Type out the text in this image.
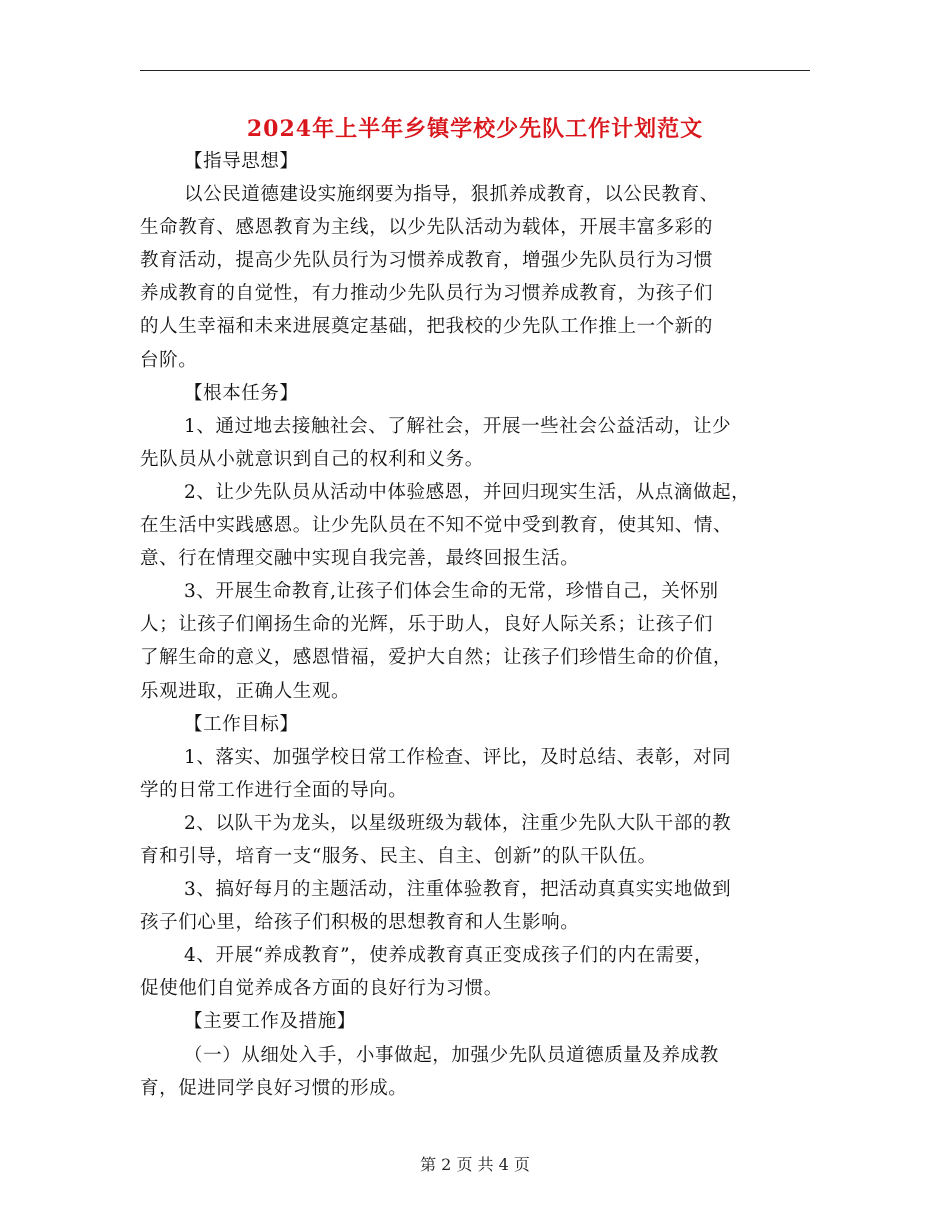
2024年上半年乡镇学校少先队工作计划范文
【指导思想】
以公民道德建设实施纲要为指导，狠抓养成教育，以公民教育、
生命教育、感恩教育为主线，以少先队活动为载体，开展丰富多彩的
教育活动，提高少先队员行为习惯养成教育，增强少先队员行为习惯
养成教育的自觉性，有力推动少先队员行为习惯养成教育，为孩子们
的人生幸福和未来进展奠定基础，把我校的少先队工作推上一个新的
台阶。
【根本任务】
1、通过地去接触社会、了解社会，开展一些社会公益活动，让少
先队员从小就意识到自己的权利和义务。
2、让少先队员从活动中体验感恩，并回归现实生活，从点滴做起，
在生活中实践感恩。让少先队员在不知不觉中受到教育，使其知、情、
意、行在情理交融中实现自我完善，最终回报生活。
3、开展生命教育,让孩子们体会生命的无常，珍惜自己，关怀别
人；让孩子们阐扬生命的光辉，乐于助人，良好人际关系；让孩子们
了解生命的意义，感恩惜福，爱护大自然；让孩子们珍惜生命的价值，
乐观进取，正确人生观。
【工作目标】
1、落实、加强学校日常工作检查、评比，及时总结、表彰，对同
学的日常工作进行全面的导向。
2、以队干为龙头，以星级班级为载体，注重少先队大队干部的教
育和引导，培育一支“服务、民主、自主、创新”的队干队伍。
3、搞好每月的主题活动，注重体验教育，把活动真真实实地做到
孩子们心里，给孩子们积极的思想教育和人生影响。
4、开展“养成教育”，使养成教育真正变成孩子们的内在需要，
促使他们自觉养成各方面的良好行为习惯。
【主要工作及措施】
（一）从细处入手，小事做起，加强少先队员道德质量及养成教
育，促进同学良好习惯的形成。
第 2 页 共 4 页
